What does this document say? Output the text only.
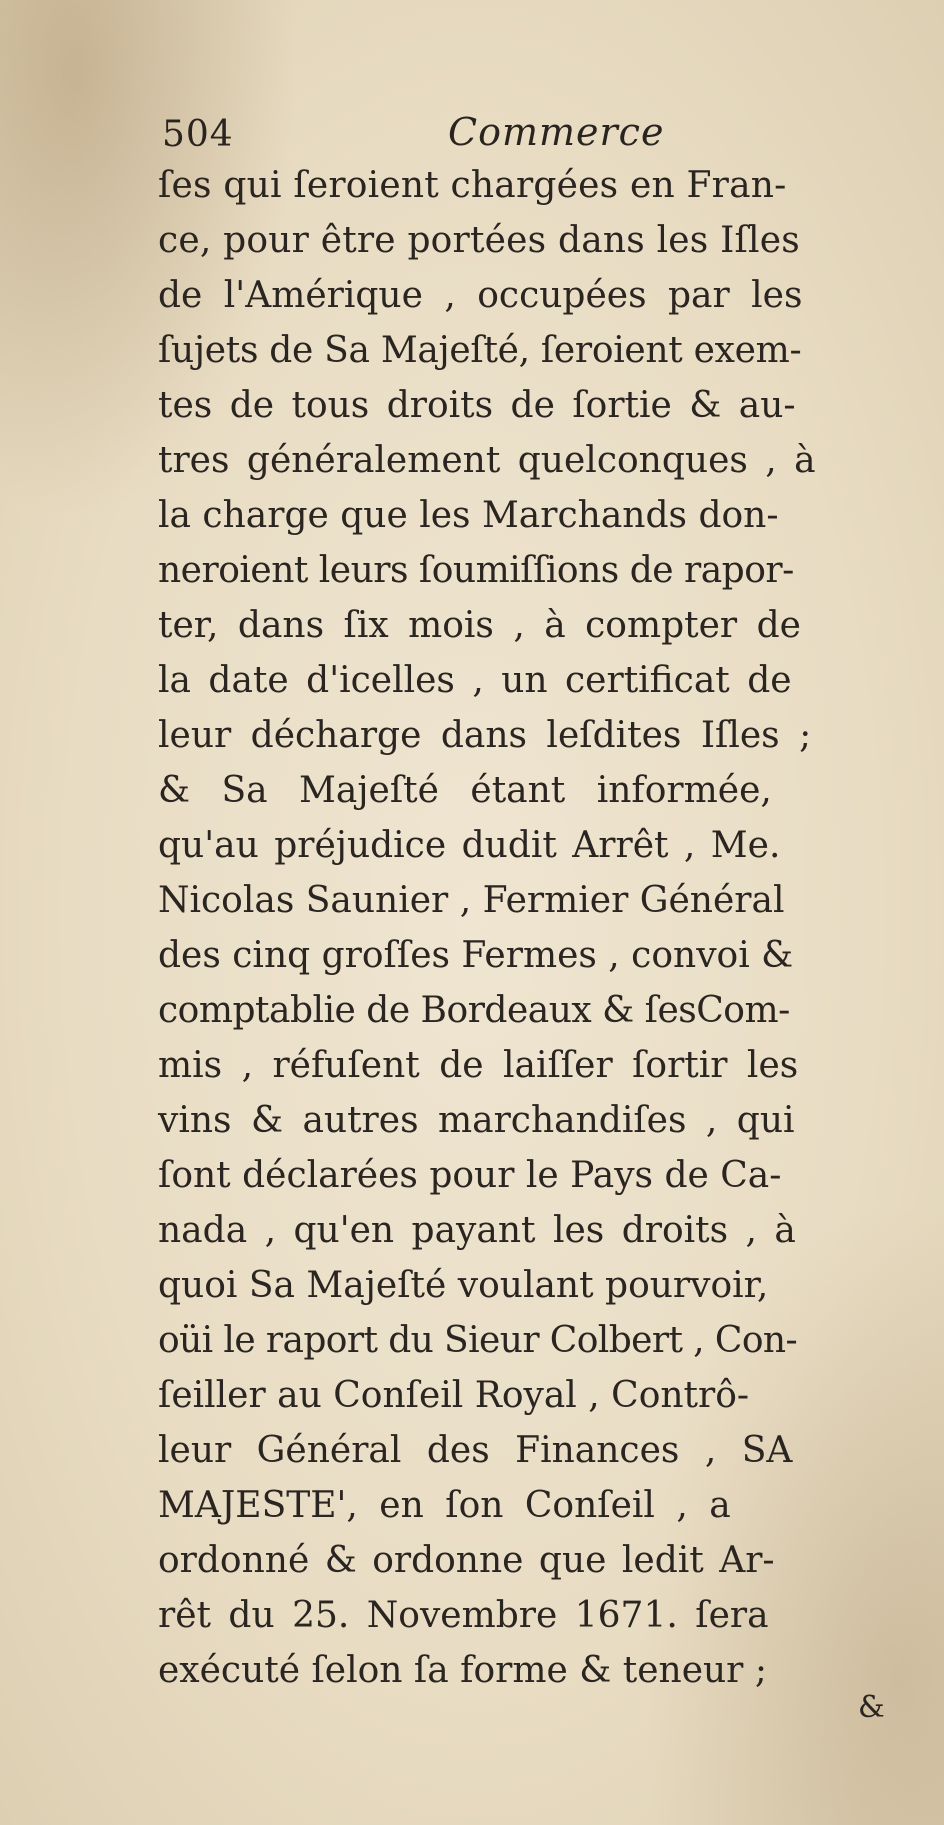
504	Commerce
ſes qui ſeroient chargées en Fran-
ce, pour être portées dans les Iſles
de l'Amérique , occupées par les
ſujets de Sa Majeſté, ſeroient exem-
tes de tous droits de ſortie & au-
tres généralement quelconques , à
la charge que les Marchands don-
neroient leurs ſoumiſſions de rapor-
ter, dans ſix mois , à compter de
la date d'icelles , un certificat de
leur décharge dans leſdites Iſles ;
& Sa Majeſté étant informée,
qu'au préjudice dudit Arrêt , Me.
Nicolas Saunier , Fermier Général
des cinq groſſes Fermes , convoi &
comptablie de Bordeaux & ſesCom-
mis , réfuſent de laiſſer ſortir les
vins & autres marchandiſes , qui
ſont déclarées pour le Pays de Ca-
nada , qu'en payant les droits , à
quoi Sa Majeſté voulant pourvoir,
oüi le raport du Sieur Colbert , Con-
ſeiller au Conſeil Royal , Contrô-
leur Général des Finances , SA
MAJESTE', en ſon Conſeil , a
ordonné & ordonne que ledit Ar-
rêt du 25. Novembre 1671. ſera
exécuté ſelon ſa forme & teneur ;
&
